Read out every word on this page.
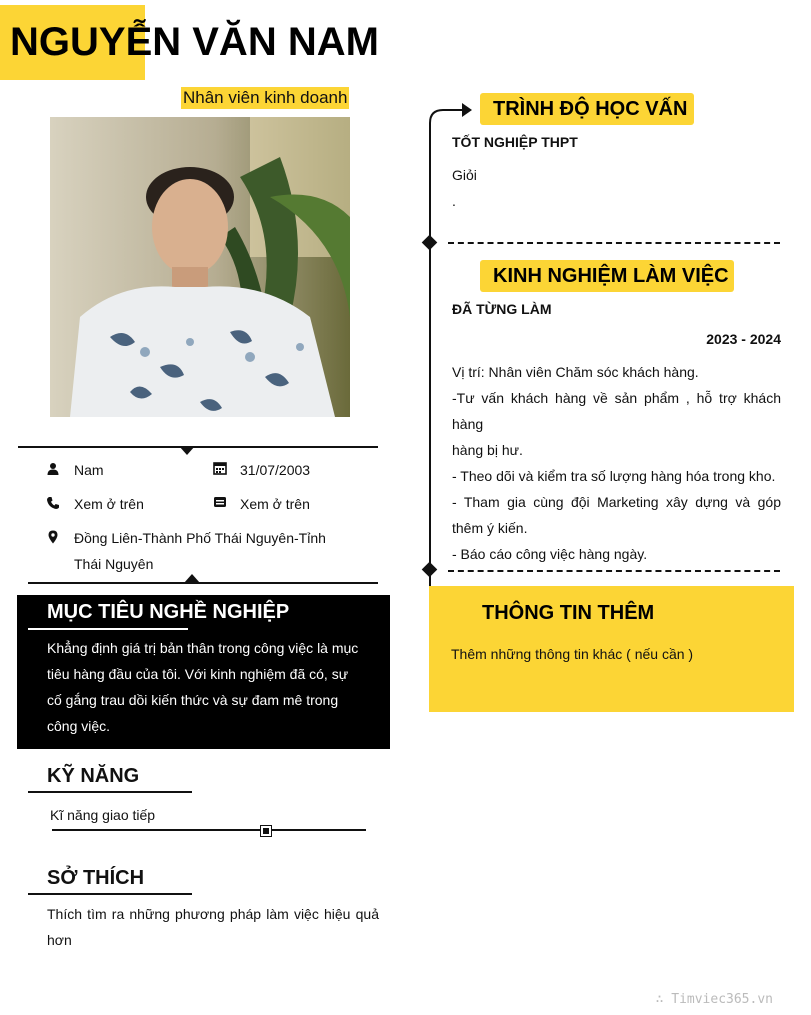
NGUYỄN VĂN NAM
Nhân viên kinh doanh
Nam	31/07/2003
Xem ở trên	Xem ở trên
Đồng Liên-Thành Phố Thái Nguyên-Tỉnh
Thái Nguyên
MỤC TIÊU NGHỀ NGHIỆP
Khẳng định giá trị bản thân trong công việc là mục
tiêu hàng đầu của tôi. Với kinh nghiệm đã có, sự
cố gắng trau dồi kiến thức và sự đam mê trong
công việc.
KỸ NĂNG
Kĩ năng giao tiếp
SỞ THÍCH
Thích tìm ra những phương pháp làm việc hiệu quả
hơn
TRÌNH ĐỘ HỌC VẤN
TỐT NGHIỆP THPT
Giỏi
.
KINH NGHIỆM LÀM VIỆC
ĐÃ TỪNG LÀM
2023 - 2024
Vị trí: Nhân viên Chăm sóc khách hàng.
-Tư vấn khách hàng về sản phẩm , hỗ trợ khách hàng
hàng bị hư.
- Theo dõi và kiểm tra số lượng hàng hóa trong kho.
- Tham gia cùng đội Marketing xây dựng và góp
thêm ý kiến.
- Báo cáo công việc hàng ngày.
THÔNG TIN THÊM
Thêm những thông tin khác ( nếu cần )
∴ Timviec365.vn
